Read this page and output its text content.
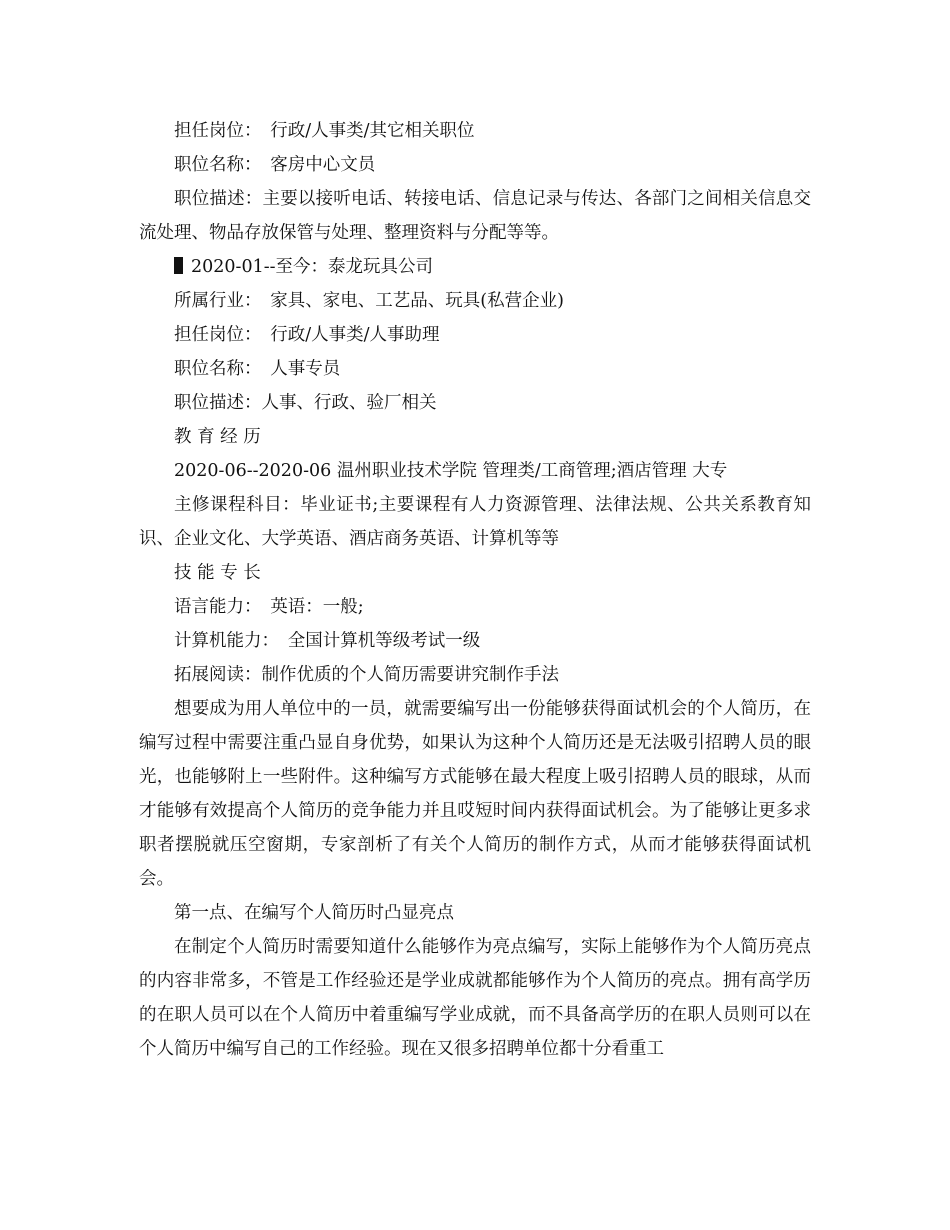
担任岗位：　行政/人事类/其它相关职位
职位名称：　客房中心文员
职位描述：主要以接听电话、转接电话、信息记录与传达、各部门之间相关信息交流处理、物品存放保管与处理、整理资料与分配等等。
2020-01--至今：泰龙玩具公司
所属行业：　家具、家电、工艺品、玩具(私营企业)
担任岗位：　行政/人事类/人事助理
职位名称：　人事专员
职位描述：人事、行政、验厂相关
教 育 经 历
2020-06--2020-06 温州职业技术学院 管理类/工商管理;酒店管理 大专
主修课程科目：毕业证书;主要课程有人力资源管理、法律法规、公共关系教育知识、企业文化、大学英语、酒店商务英语、计算机等等
技 能 专 长
语言能力：　英语：一般;
计算机能力：　全国计算机等级考试一级
拓展阅读：制作优质的个人简历需要讲究制作手法
想要成为用人单位中的一员，就需要编写出一份能够获得面试机会的个人简历，在编写过程中需要注重凸显自身优势，如果认为这种个人简历还是无法吸引招聘人员的眼光，也能够附上一些附件。这种编写方式能够在最大程度上吸引招聘人员的眼球，从而才能够有效提高个人简历的竞争能力并且哎短时间内获得面试机会。为了能够让更多求职者摆脱就压空窗期，专家剖析了有关个人简历的制作方式，从而才能够获得面试机会。
第一点、在编写个人简历时凸显亮点
在制定个人简历时需要知道什么能够作为亮点编写，实际上能够作为个人简历亮点的内容非常多，不管是工作经验还是学业成就都能够作为个人简历的亮点。拥有高学历的在职人员可以在个人简历中着重编写学业成就，而不具备高学历的在职人员则可以在个人简历中编写自己的工作经验。现在又很多招聘单位都十分看重工
